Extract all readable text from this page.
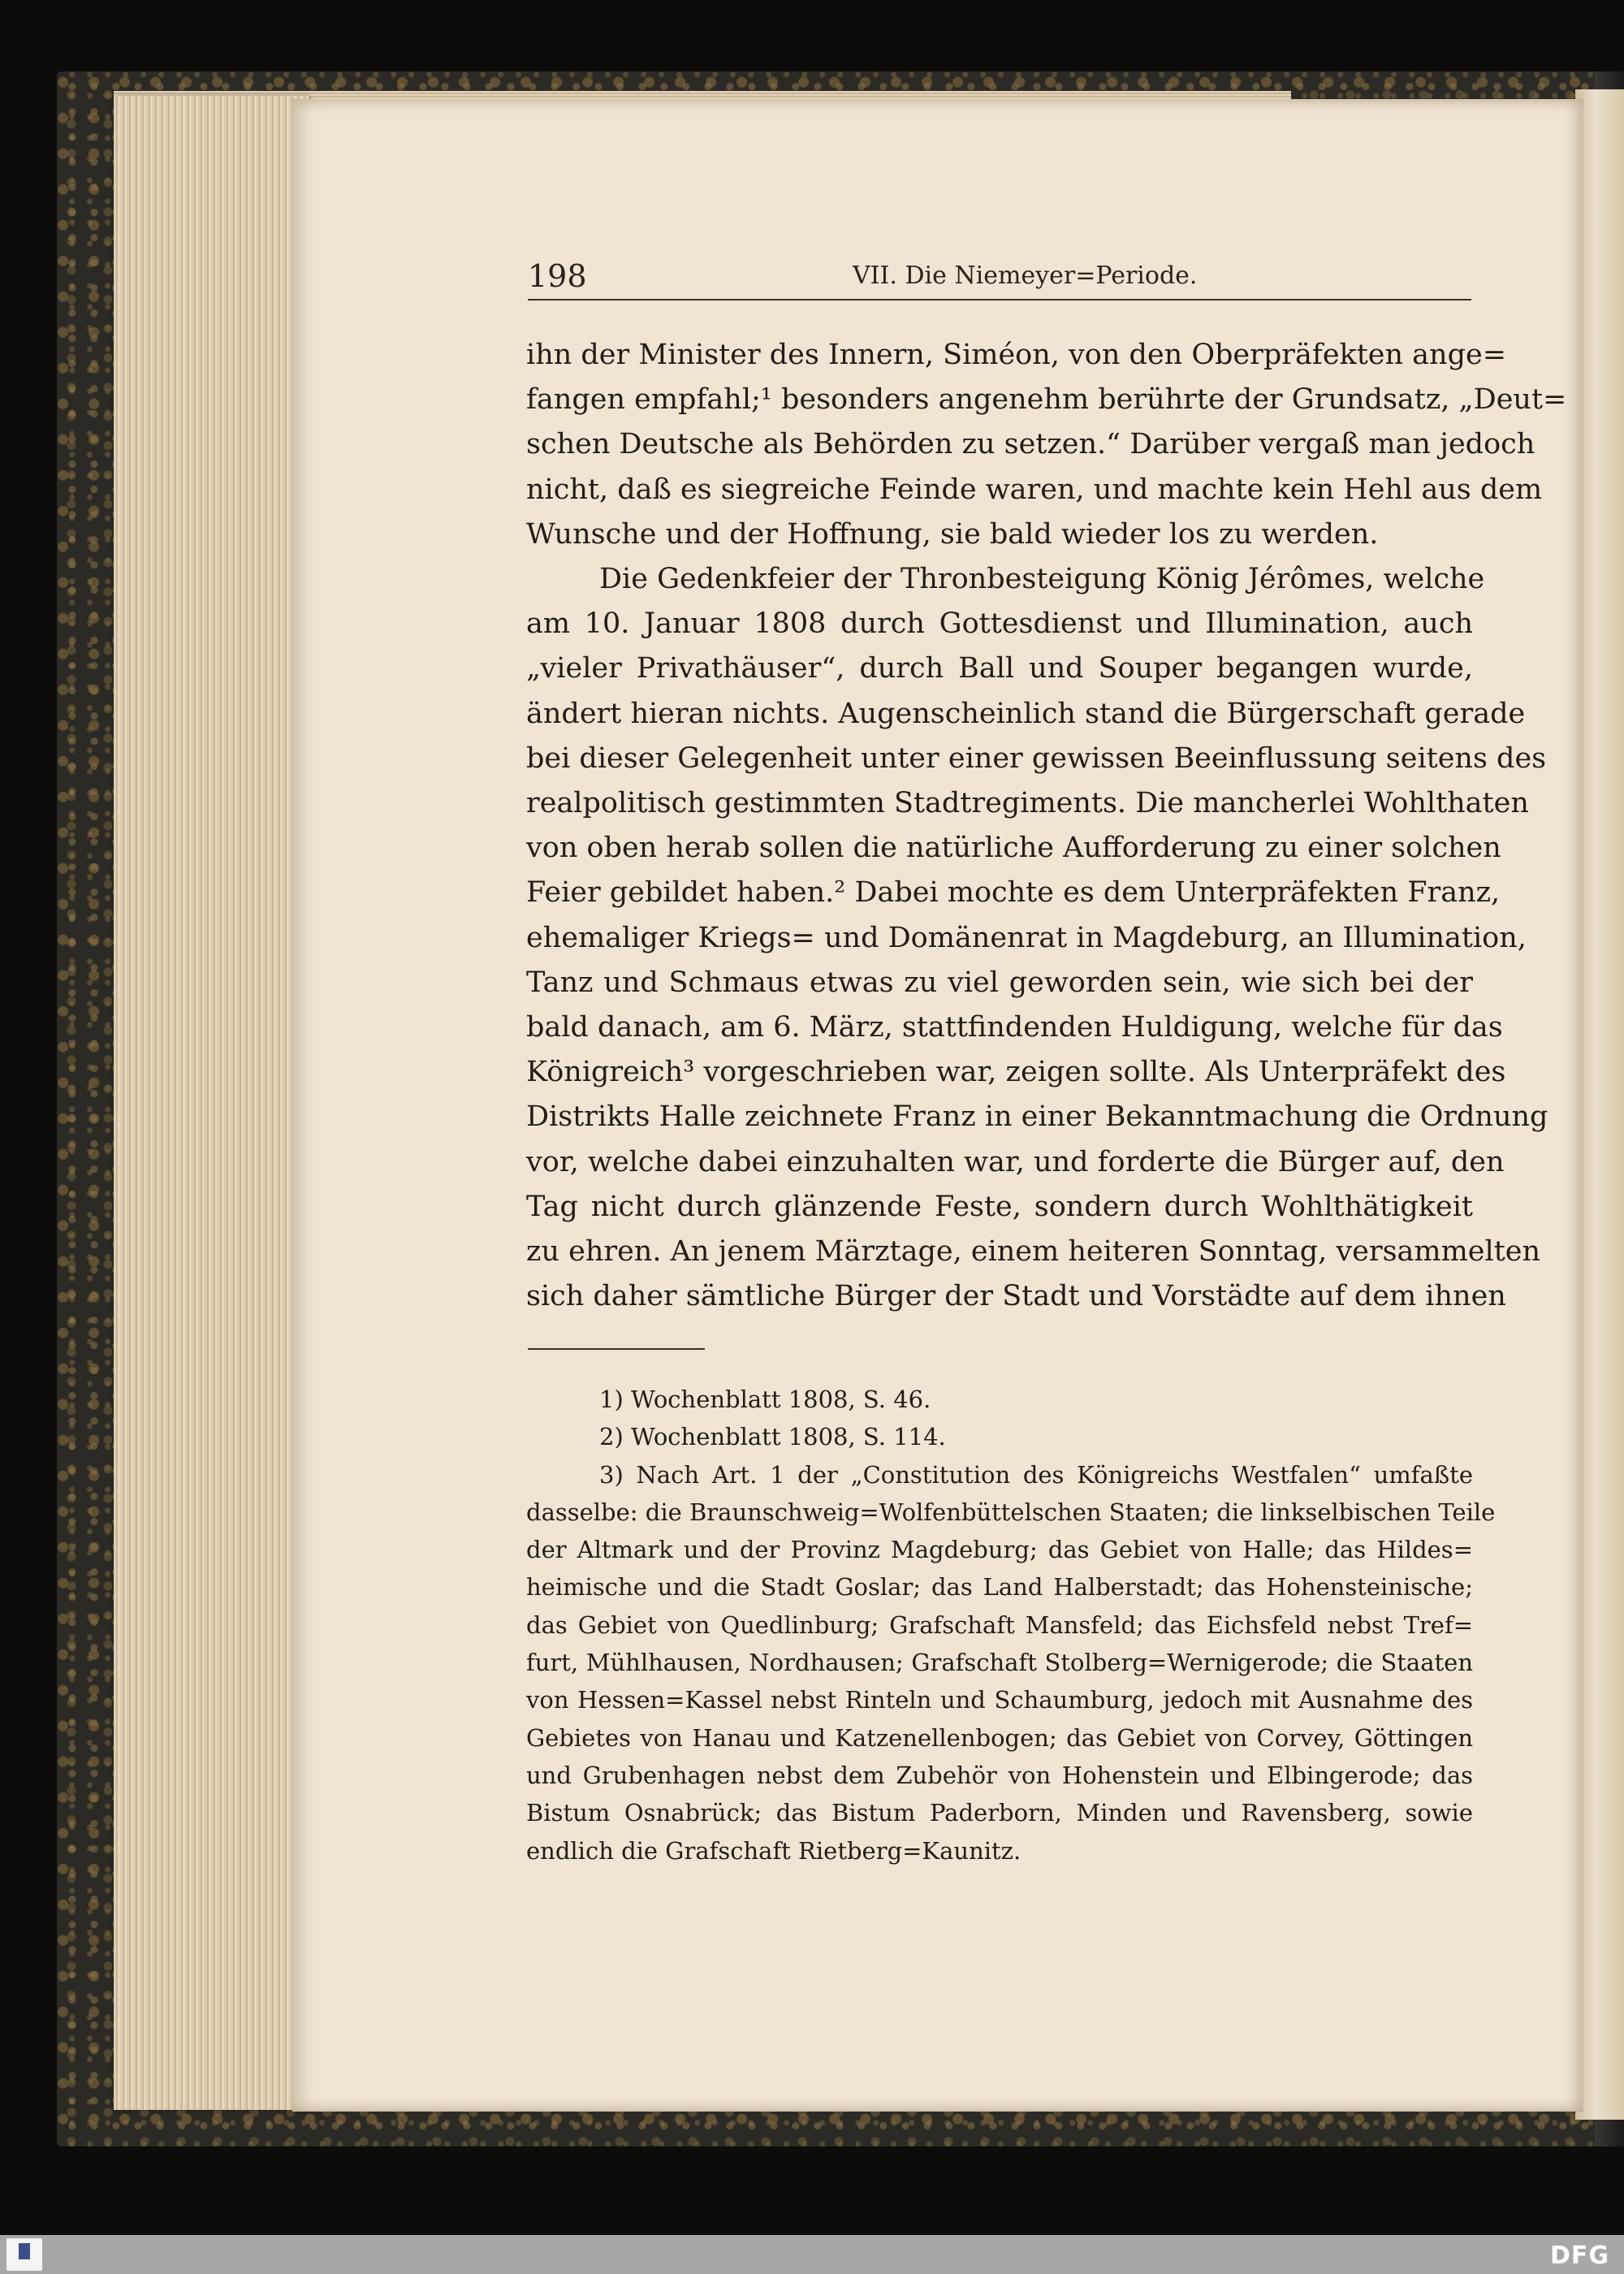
198	VII. Die Niemeyer=Periode.
ihn der Minister des Innern, Siméon, von den Oberpräfekten ange=
fangen empfahl;¹ besonders angenehm berührte der Grundsatz, „Deut=
schen Deutsche als Behörden zu setzen.“ Darüber vergaß man jedoch
nicht, daß es siegreiche Feinde waren, und machte kein Hehl aus dem
Wunsche und der Hoffnung, sie bald wieder los zu werden.
Die Gedenkfeier der Thronbesteigung König Jérômes, welche
am 10. Januar 1808 durch Gottesdienst und Illumination, auch
„vieler Privathäuser“, durch Ball und Souper begangen wurde,
ändert hieran nichts. Augenscheinlich stand die Bürgerschaft gerade
bei dieser Gelegenheit unter einer gewissen Beeinflussung seitens des
realpolitisch gestimmten Stadtregiments. Die mancherlei Wohlthaten
von oben herab sollen die natürliche Aufforderung zu einer solchen
Feier gebildet haben.² Dabei mochte es dem Unterpräfekten Franz,
ehemaliger Kriegs= und Domänenrat in Magdeburg, an Illumination,
Tanz und Schmaus etwas zu viel geworden sein, wie sich bei der
bald danach, am 6. März, stattfindenden Huldigung, welche für das
Königreich³ vorgeschrieben war, zeigen sollte. Als Unterpräfekt des
Distrikts Halle zeichnete Franz in einer Bekanntmachung die Ordnung
vor, welche dabei einzuhalten war, und forderte die Bürger auf, den
Tag nicht durch glänzende Feste, sondern durch Wohlthätigkeit
zu ehren. An jenem Märztage, einem heiteren Sonntag, versammelten
sich daher sämtliche Bürger der Stadt und Vorstädte auf dem ihnen
1) Wochenblatt 1808, S. 46.
2) Wochenblatt 1808, S. 114.
3) Nach Art. 1 der „Constitution des Königreichs Westfalen“ umfaßte
dasselbe: die Braunschweig=Wolfenbüttelschen Staaten; die linkselbischen Teile
der Altmark und der Provinz Magdeburg; das Gebiet von Halle; das Hildes=
heimische und die Stadt Goslar; das Land Halberstadt; das Hohensteinische;
das Gebiet von Quedlinburg; Grafschaft Mansfeld; das Eichsfeld nebst Tref=
furt, Mühlhausen, Nordhausen; Grafschaft Stolberg=Wernigerode; die Staaten
von Hessen=Kassel nebst Rinteln und Schaumburg, jedoch mit Ausnahme des
Gebietes von Hanau und Katzenellenbogen; das Gebiet von Corvey, Göttingen
und Grubenhagen nebst dem Zubehör von Hohenstein und Elbingerode; das
Bistum Osnabrück; das Bistum Paderborn, Minden und Ravensberg, sowie
endlich die Grafschaft Rietberg=Kaunitz.
DFG
